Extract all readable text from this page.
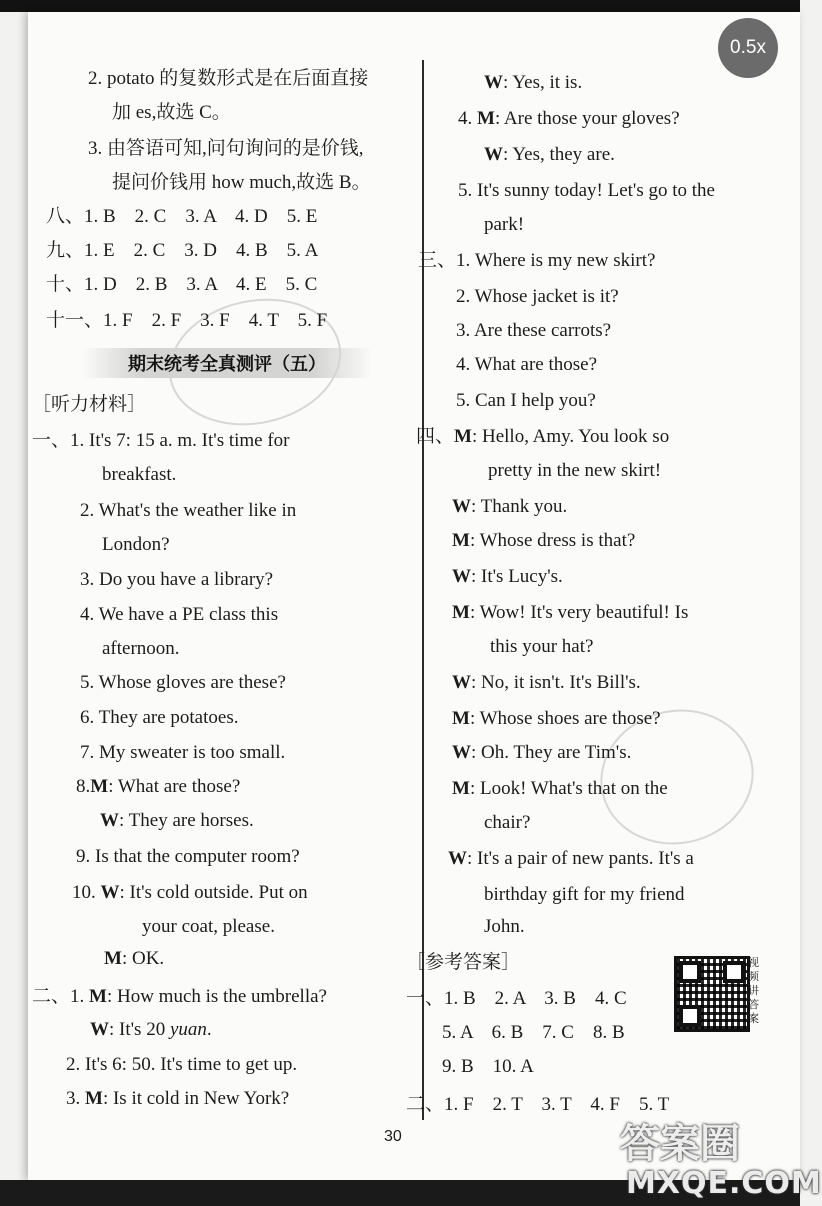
2. potato 的复数形式是在后面直接
加 es,故选 C。
3. 由答语可知,问句询问的是价钱,
提问价钱用 how much,故选 B。
八、1. B　2. C　3. A　4. D　5. E
九、1. E　2. C　3. D　4. B　5. A
十、1. D　2. B　3. A　4. E　5. C
十一、1. F　2. F　3. F　4. T　5. F
期末统考全真测评（五）
［听力材料］
一、1. It's 7: 15 a. m. It's time for
breakfast.
2. What's the weather like in
London?
3. Do you have a library?
4. We have a PE class this
afternoon.
5. Whose gloves are these?
6. They are potatoes.
7. My sweater is too small.
8.M: What are those?
W: They are horses.
9. Is that the computer room?
10. W: It's cold outside. Put on
your coat, please.
M: OK.
二、1. M: How much is the umbrella?
W: It's 20 yuan.
2. It's 6: 50. It's time to get up.
3. M: Is it cold in New York?
W: Yes, it is.
4. M: Are those your gloves?
W: Yes, they are.
5. It's sunny today! Let's go to the
park!
三、1. Where is my new skirt?
2. Whose jacket is it?
3. Are these carrots?
4. What are those?
5. Can I help you?
四、M: Hello, Amy. You look so
pretty in the new skirt!
W: Thank you.
M: Whose dress is that?
W: It's Lucy's.
M: Wow! It's very beautiful! Is
this your hat?
W: No, it isn't. It's Bill's.
M: Whose shoes are those?
W: Oh. They are Tim's.
M: Look! What's that on the
chair?
W: It's a pair of new pants. It's a
birthday gift for my friend
John.
［参考答案］	视频讲答案
一、1. B　2. A　3. B　4. C
5. A　6. B　7. C　8. B
9. B　10. A
二、1. F　2. T　3. T　4. F　5. T
30	答案圈
MXQE.COM
0.5x
